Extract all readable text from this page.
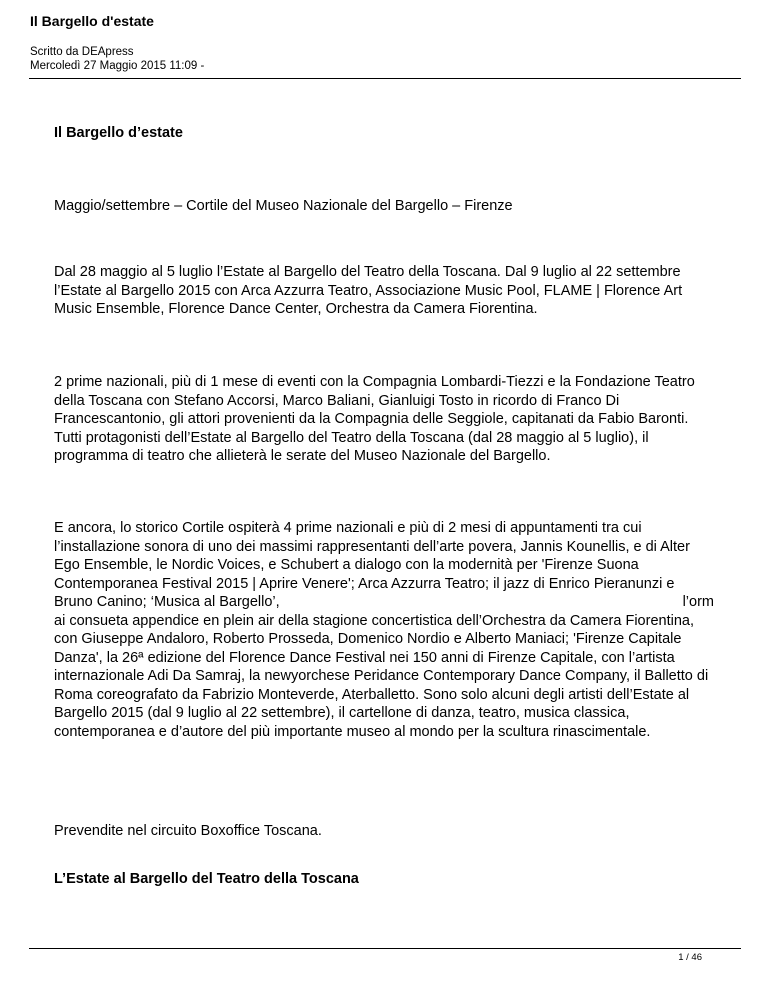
Il Bargello d'estate

Scritto da DEApress
Mercoledì 27 Maggio 2015 11:09 -

Il Bargello d’estate

Maggio/settembre – Cortile del Museo Nazionale del Bargello – Firenze

Dal 28 maggio al 5 luglio l’Estate al Bargello del Teatro della Toscana. Dal 9 luglio al 22 settembre l’Estate al Bargello 2015 con Arca Azzurra Teatro, Associazione Music Pool, FLAME | Florence Art Music Ensemble, Florence Dance Center, Orchestra da Camera Fiorentina.

2 prime nazionali, più di 1 mese di eventi con la Compagnia Lombardi-Tiezzi e la Fondazione Teatro della Toscana con Stefano Accorsi, Marco Baliani, Gianluigi Tosto in ricordo di Franco Di Francescantonio, gli attori provenienti da la Compagnia delle Seggiole, capitanati da Fabio Baronti. Tutti protagonisti dell’Estate al Bargello del Teatro della Toscana (dal 28 maggio al 5 luglio), il programma di teatro che allieterà le serate del Museo Nazionale del Bargello.

E ancora, lo storico Cortile ospiterà 4 prime nazionali e più di 2 mesi di appuntamenti tra cui l’installazione sonora di uno dei massimi rappresentanti dell’arte povera, Jannis Kounellis, e di Alter Ego Ensemble, le Nordic Voices, e Schubert a dialogo con la modernità per 'Firenze Suona Contemporanea Festival 2015 | Aprire Venere'; Arca Azzurra Teatro; il jazz di Enrico Pieranunzi e Bruno Canino; ‘Musica al Bargello’,	l’orm
ai consueta appendice en plein air della stagione concertistica dell’Orchestra da Camera Fiorentina, con Giuseppe Andaloro, Roberto Prosseda, Domenico Nordio e Alberto Maniaci; 'Firenze Capitale Danza', la 26ª edizione del Florence Dance Festival nei 150 anni di Firenze Capitale, con l’artista internazionale Adi Da Samraj, la newyorchese Peridance Contemporary Dance Company, il Balletto di Roma coreografato da Fabrizio Monteverde, Aterballetto. Sono solo alcuni degli artisti dell’Estate al Bargello 2015 (dal 9 luglio al 22 settembre), il cartellone di danza, teatro, musica classica, contemporanea e d’autore del più importante museo al mondo per la scultura rinascimentale.

Prevendite nel circuito Boxoffice Toscana.

L’Estate al Bargello del Teatro della Toscana

1 / 46
